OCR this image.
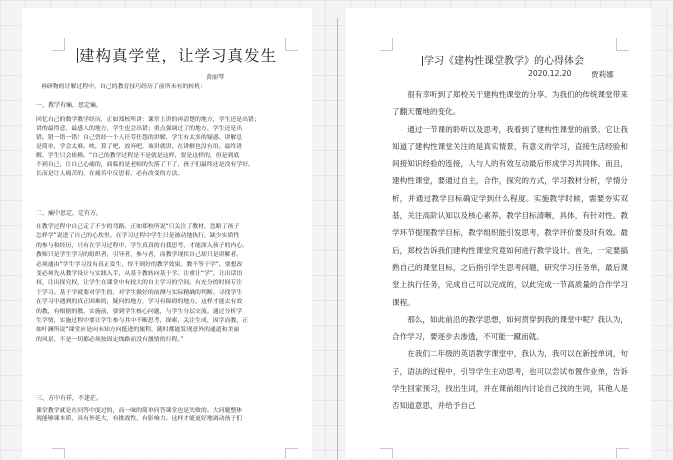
建构真学堂，让学习真发生
黄丽琴
再研物的讨解过程中，自己的教育技巧经历了前所未有的转机：
一、教学有痛，思定痛。

回忆自己的数学教学经历，正如郑校所讲：课堂上讲的再清楚的地方，学生还是出错；

讲的最得意、最感人的地方，学生也会出错；重点强调过了的地方，学生还是出

错。错一错一错！自己曾经一个人任劳任怨的讲解，学生有太多的疑惑。讲解总

是简单，学会太难。唉，算了吧，放弃吧，该讲就讲，在讲解也没有用。最终讲

解，学生只会依赖。“自己的教学过程是不是就是这样，要是这样的，但是到底

不到自己，让自己心痛的，面临的是老师的失落了下了，孩子们最终还是没有学好。

长而是让人痛苦的，在痛苦中反思着，必有改变的方法。

二、痛中思定，定有方。

在教学过程中自己走了不少的弯路。正如郑校所说“只关注了教材，忽略了孩子

怎样学”说进了自己的心坎里。在学习过程中学生只是被动地执行，缺少实质性

的参与和经历，只有在学习过程中，学生真真的自我思考，才能深入孩子的内心。

教师只是学生学习的组织者，引导者，参与者，而教学现状自己却只是讲解者。

必须通由“学生学习没有真正发生，得不到好的教学效果。教不等于学”。要想改

变必须先从教学设计与实践入手，从基于教转向基于学。注重让“学”，让出话语

权，让出探究权，让学生在课堂中有较大的自主学习的空间，有充分的时间专注

于学习。基于学就要对学生的，对学生做好的前测与实际精确的判断。寻找学生

在学习中遇到的真正困难的，疑问的地方，学习有障碍的地方。这样才能去有效

的教，有根据的教。实施前，要到学生核心问题，与学生分层交流。通过分析学

生学情，实施过程中要让学生参与其中不断思考，探索，关注生成，因学而教。正

如叶澜所说“课堂应是向未知方向挺进的旅程，随时都能发现意外的通道和美丽

的风景，不是一切都必须按固定线路而没有激情的行程。”

三、方中有祥，不迷茫。

课堂教学就是在问答中度过的，而一味的简单问答课堂也是失败的。大问题整体

现能够课本质，具有外延大，有挑战性，有影响力。这样才能更好地调动孩子们

学习《建构性课堂教学》的心得体会
2020.12.20	贾莉娜

很有幸听到了郑校关于建构性课堂的分享。为我们的传统课堂带来了翻天覆地的变化。

通过一节课的聆听以及思考，我看到了建构性课堂的前景。它让我知道了建构性课堂关注的是真实情景，有意义的学习，直接生活经验和间接知识经验的连接，人与人的有效互动最后形成学习共同体。而且，建构性课堂，要通过自主，合作，探究的方式，学习教材分析，学情分析，并通过教学目标确定学到什么程度。实施教学时候，需要夯实双基，关注高阶认知以及核心素养。教学目标清晰，具体，有针对性。教学环节提现教学目标，教学组织能引发思考，教学评价要及时有效。最后，郑校告诉我们建构性课堂究竟如何进行教学设计。首先，一定要搞熟自己的课堂目标，之后指引学生思考问题，研究学习任务单，最后课堂上执行任务，完成自己可以完成的，以此完成一节高质量的合作学习课程。

那么，如此前沿的教学思想，如何贯穿到我的课堂中呢？我认为，合作学习，要逐步去渗透，不可能一蹴而就。

在我们二年级的英语教学课堂中，我认为，我可以在新授单词，句子，语法的过程中，引导学生主动思考，也可以尝试布置作业单，告诉学生回家预习，找出生词，并在课前组内讨论自己找的生词，其他人是否知道意思，并给予自己
